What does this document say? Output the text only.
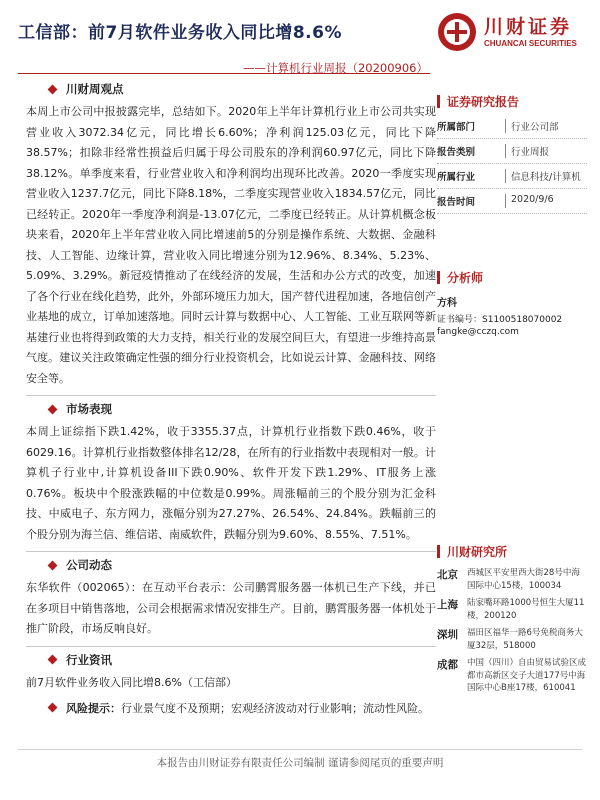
工信部：前7月软件业务收入同比增8.6%	川财证券
CHUANCAI SECURITIES
——计算机行业周报（20200906）
川财周观点

本周上市公司中报披露完毕，总结如下。2020年上半年计算机行业上市公司共实现营业收入3072.34亿元，同比增长6.60%；净利润125.03亿元，同比下降38.57%；扣除非经常性损益后归属于母公司股东的净利润60.97亿元，同比下降38.12%。单季度来看，行业营业收入和净利润均出现环比改善。2020一季度实现营业收入1237.7亿元，同比下降8.18%，二季度实现营业收入1834.57亿元，同比已经转正。2020年一季度净利润是-13.07亿元，二季度已经转正。从计算机概念板块来看，2020年上半年营业收入同比增速前5的分别是操作系统、大数据、金融科技、人工智能、边缘计算，营业收入同比增速分别为12.96%、8.34%、5.23%、5.09%、3.29%。新冠疫情推动了在线经济的发展，生活和办公方式的改变，加速了各个行业在线化趋势，此外，外部环境压力加大，国产替代进程加速，各地信创产业基地的成立，订单加速落地。同时云计算与数据中心、人工智能、工业互联网等新基建行业也将得到政策的大力支持，相关行业的发展空间巨大，有望进一步维持高景气度。建议关注政策确定性强的细分行业投资机会，比如说云计算、金融科技、网络安全等。

市场表现

本周上证综指下跌1.42%，收于3355.37点，计算机行业指数下跌0.46%，收于6029.16。计算机行业指数整体排名12/28，在所有的行业指数中表现相对一般。计算机子行业中,计算机设备III下跌0.90%、软件开发下跌1.29%、IT服务上涨0.76%。板块中个股涨跌幅的中位数是0.99%。周涨幅前三的个股分别为汇金科技、中威电子、东方网力，涨幅分别为27.27%、26.54%、24.84%。跌幅前三的个股分别为海兰信、维信诺、南威软件，跌幅分别为9.60%、8.55%、7.51%。

公司动态

东华软件（002065）：在互动平台表示：公司鹏霄服务器一体机已生产下线，并已在多项目中销售落地，公司会根据需求情况安排生产。目前，鹏霄服务器一体机处于推广阶段，市场反响良好。

行业资讯

前7月软件业务收入同比增8.6%（工信部）

风险提示：行业景气度不及预期；宏观经济波动对行业影响；流动性风险。
证券研究报告
所属部门	行业公司部
报告类别	行业周报
所属行业	信息科技/计算机
报告时间	2020/9/6
分析师
方科
证书编号：S1100518070002
fangke@cczq.com
川财研究所
北京	西城区平安里西大街28号中海国际中心15楼，100034
上海	陆家嘴环路1000号恒生大厦11楼，200120
深圳	福田区福华一路6号免税商务大厦32层，518000
成都	中国（四川）自由贸易试验区成都市高新区交子大道177号中海国际中心B座17楼，610041
本报告由川财证券有限责任公司编制 谨请参阅尾页的重要声明
